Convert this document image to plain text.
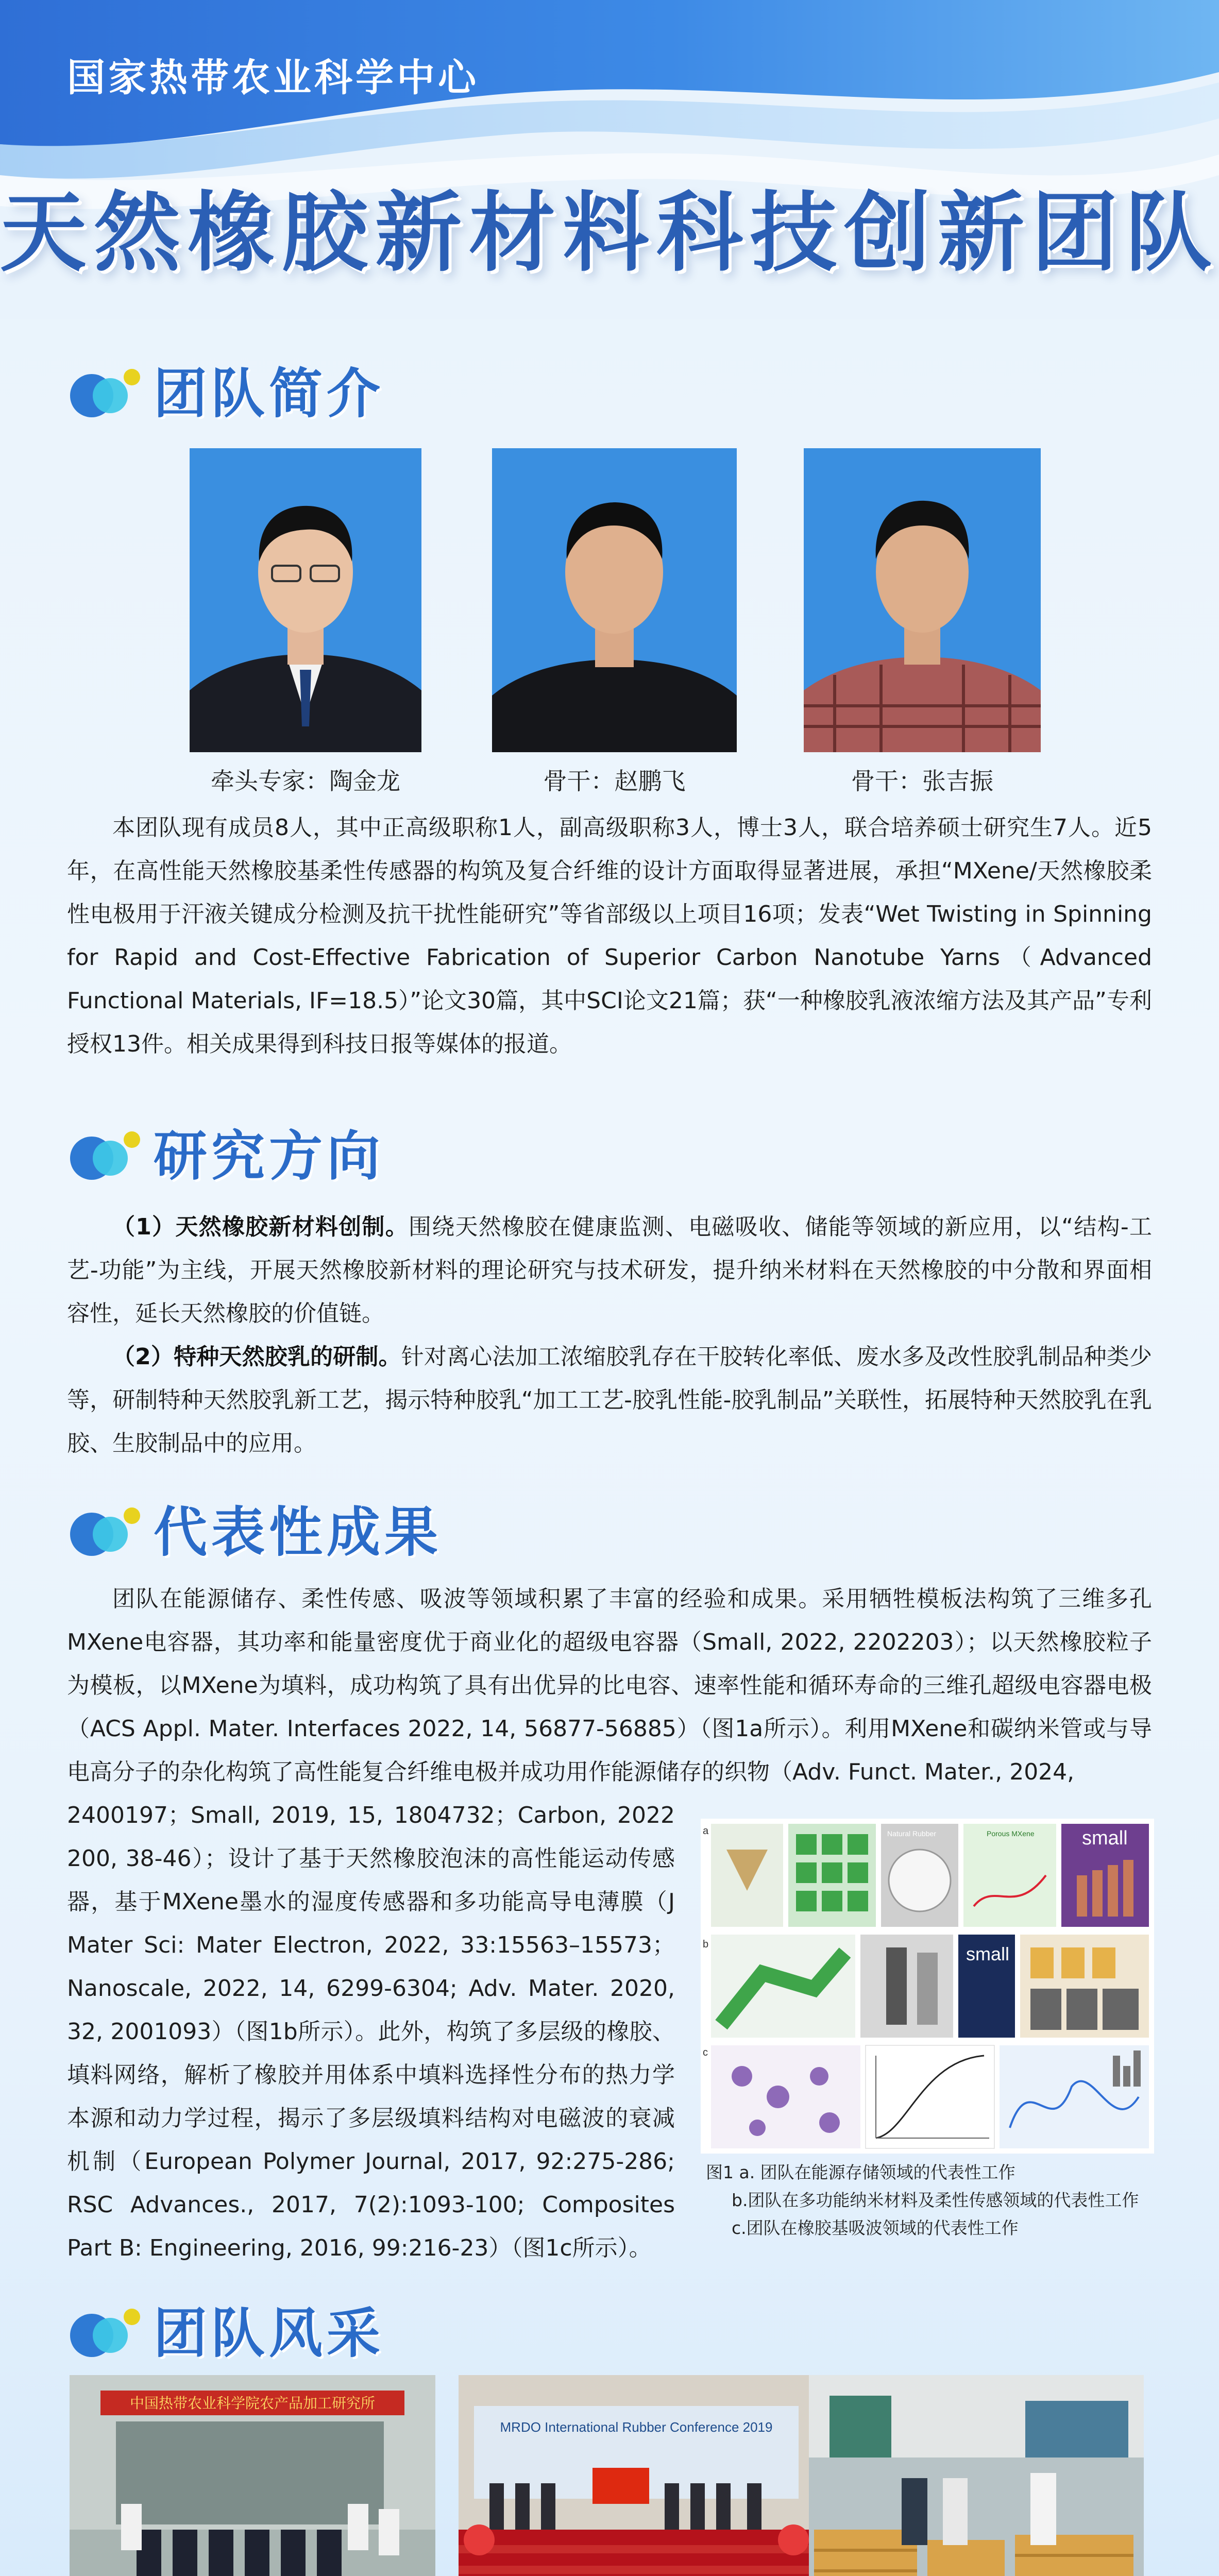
国家热带农业科学中心
天然橡胶新材料科技创新团队
团队简介
牵头专家：陶金龙	骨干：赵鹏飞	骨干：张吉振

本团队现有成员8人，其中正高级职称1人，副高级职称3人，博士3人，联合培养硕士研究生7人。近5年，在高性能天然橡胶基柔性传感器的构筑及复合纤维的设计方面取得显著进展，承担“MXene/天然橡胶柔性电极用于汗液关键成分检测及抗干扰性能研究”等省部级以上项目16项；发表“Wet Twisting in Spinning for Rapid and Cost-Effective Fabrication of Superior Carbon Nanotube Yarns（Advanced Functional Materials, IF=18.5）”论文30篇，其中SCI论文21篇；获“一种橡胶乳液浓缩方法及其产品”专利授权13件。相关成果得到科技日报等媒体的报道。

研究方向

（1）天然橡胶新材料创制。围绕天然橡胶在健康监测、电磁吸收、储能等领域的新应用，以“结构-工艺-功能”为主线，开展天然橡胶新材料的理论研究与技术研发，提升纳米材料在天然橡胶的中分散和界面相容性，延长天然橡胶的价值链。

（2）特种天然胶乳的研制。针对离心法加工浓缩胶乳存在干胶转化率低、废水多及改性胶乳制品种类少等，研制特种天然胶乳新工艺，揭示特种胶乳“加工工艺-胶乳性能-胶乳制品”关联性，拓展特种天然胶乳在乳胶、生胶制品中的应用。

代表性成果

团队在能源储存、柔性传感、吸波等领域积累了丰富的经验和成果。采用牺牲模板法构筑了三维多孔MXene电容器，其功率和能量密度优于商业化的超级电容器（Small, 2022, 2202203）；以天然橡胶粒子为模板，以MXene为填料，成功构筑了具有出优异的比电容、速率性能和循环寿命的三维孔超级电容器电极（ACS Appl. Mater. Interfaces 2022, 14, 56877-56885）（图1a所示）。利用MXene和碳纳米管或与导电高分子的杂化构筑了高性能复合纤维电极并成功用作能源储存的织物（Adv. Funct. Mater., 2024,

2400197；Small, 2019, 15, 1804732；Carbon, 2022 200, 38-46）；设计了基于天然橡胶泡沫的高性能运动传感器，基于MXene墨水的湿度传感器和多功能高导电薄膜（J Mater Sci: Mater Electron, 2022, 33:15563–15573；Nanoscale, 2022, 14, 6299-6304; Adv. Mater. 2020, 32, 2001093）（图1b所示）。此外，构筑了多层级的橡胶、填料网络，解析了橡胶并用体系中填料选择性分布的热力学本源和动力学过程，揭示了多层级填料结构对电磁波的衰减机制（European Polymer Journal, 2017, 92:275-286; RSC Advances., 2017, 7(2):1093-100; Composites Part B: Engineering, 2016, 99:216-23）（图1c所示）。

a	Natural Rubber	Porous MXene small
b	small
c
图1 a. 团队在能源存储领域的代表性工作
b.团队在多功能纳米材料及柔性传感领域的代表性工作
c.团队在橡胶基吸波领域的代表性工作
团队风采
中国热带农业科学院农产品加工研究所
MRDO International Rubber Conference 2019
